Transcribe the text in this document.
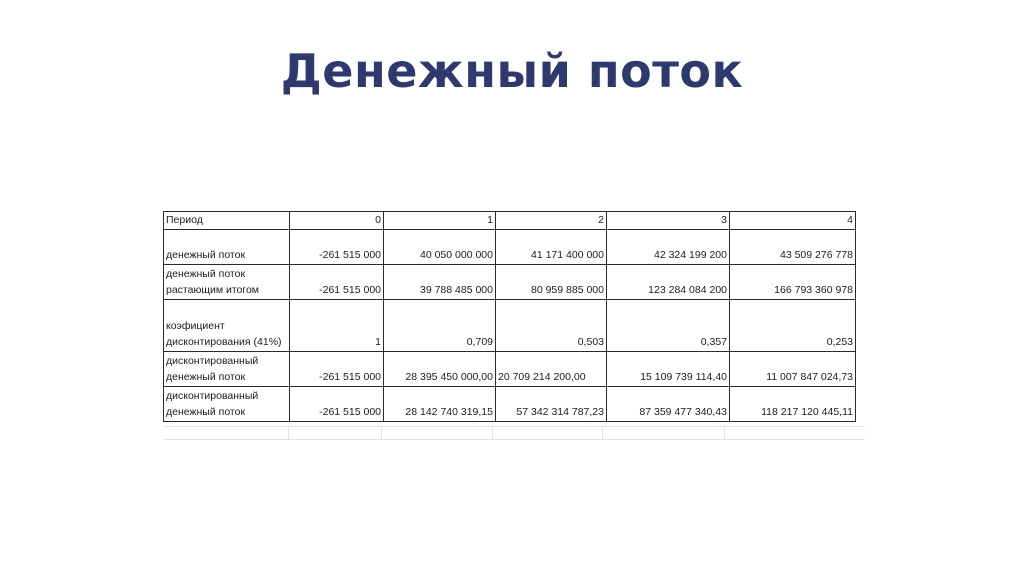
Денежный поток
Период	0	1	2	3	4
денежный поток	-261 515 000	40 050 000 000	41 171 400 000	42 324 199 200	43 509 276 778
денежный поток растающим итогом	-261 515 000	39 788 485 000	80 959 885 000	123 284 084 200	166 793 360 978
коэфициент дисконтирования (41%)	1	0,709	0,503	0,357	0,253
дисконтированный денежный поток	-261 515 000	28 395 450 000,00	20 709 214 200,00	15 109 739 114,40	11 007 847 024,73
дисконтированный денежный поток	-261 515 000	28 142 740 319,15	57 342 314 787,23	87 359 477 340,43	118 217 120 445,11
